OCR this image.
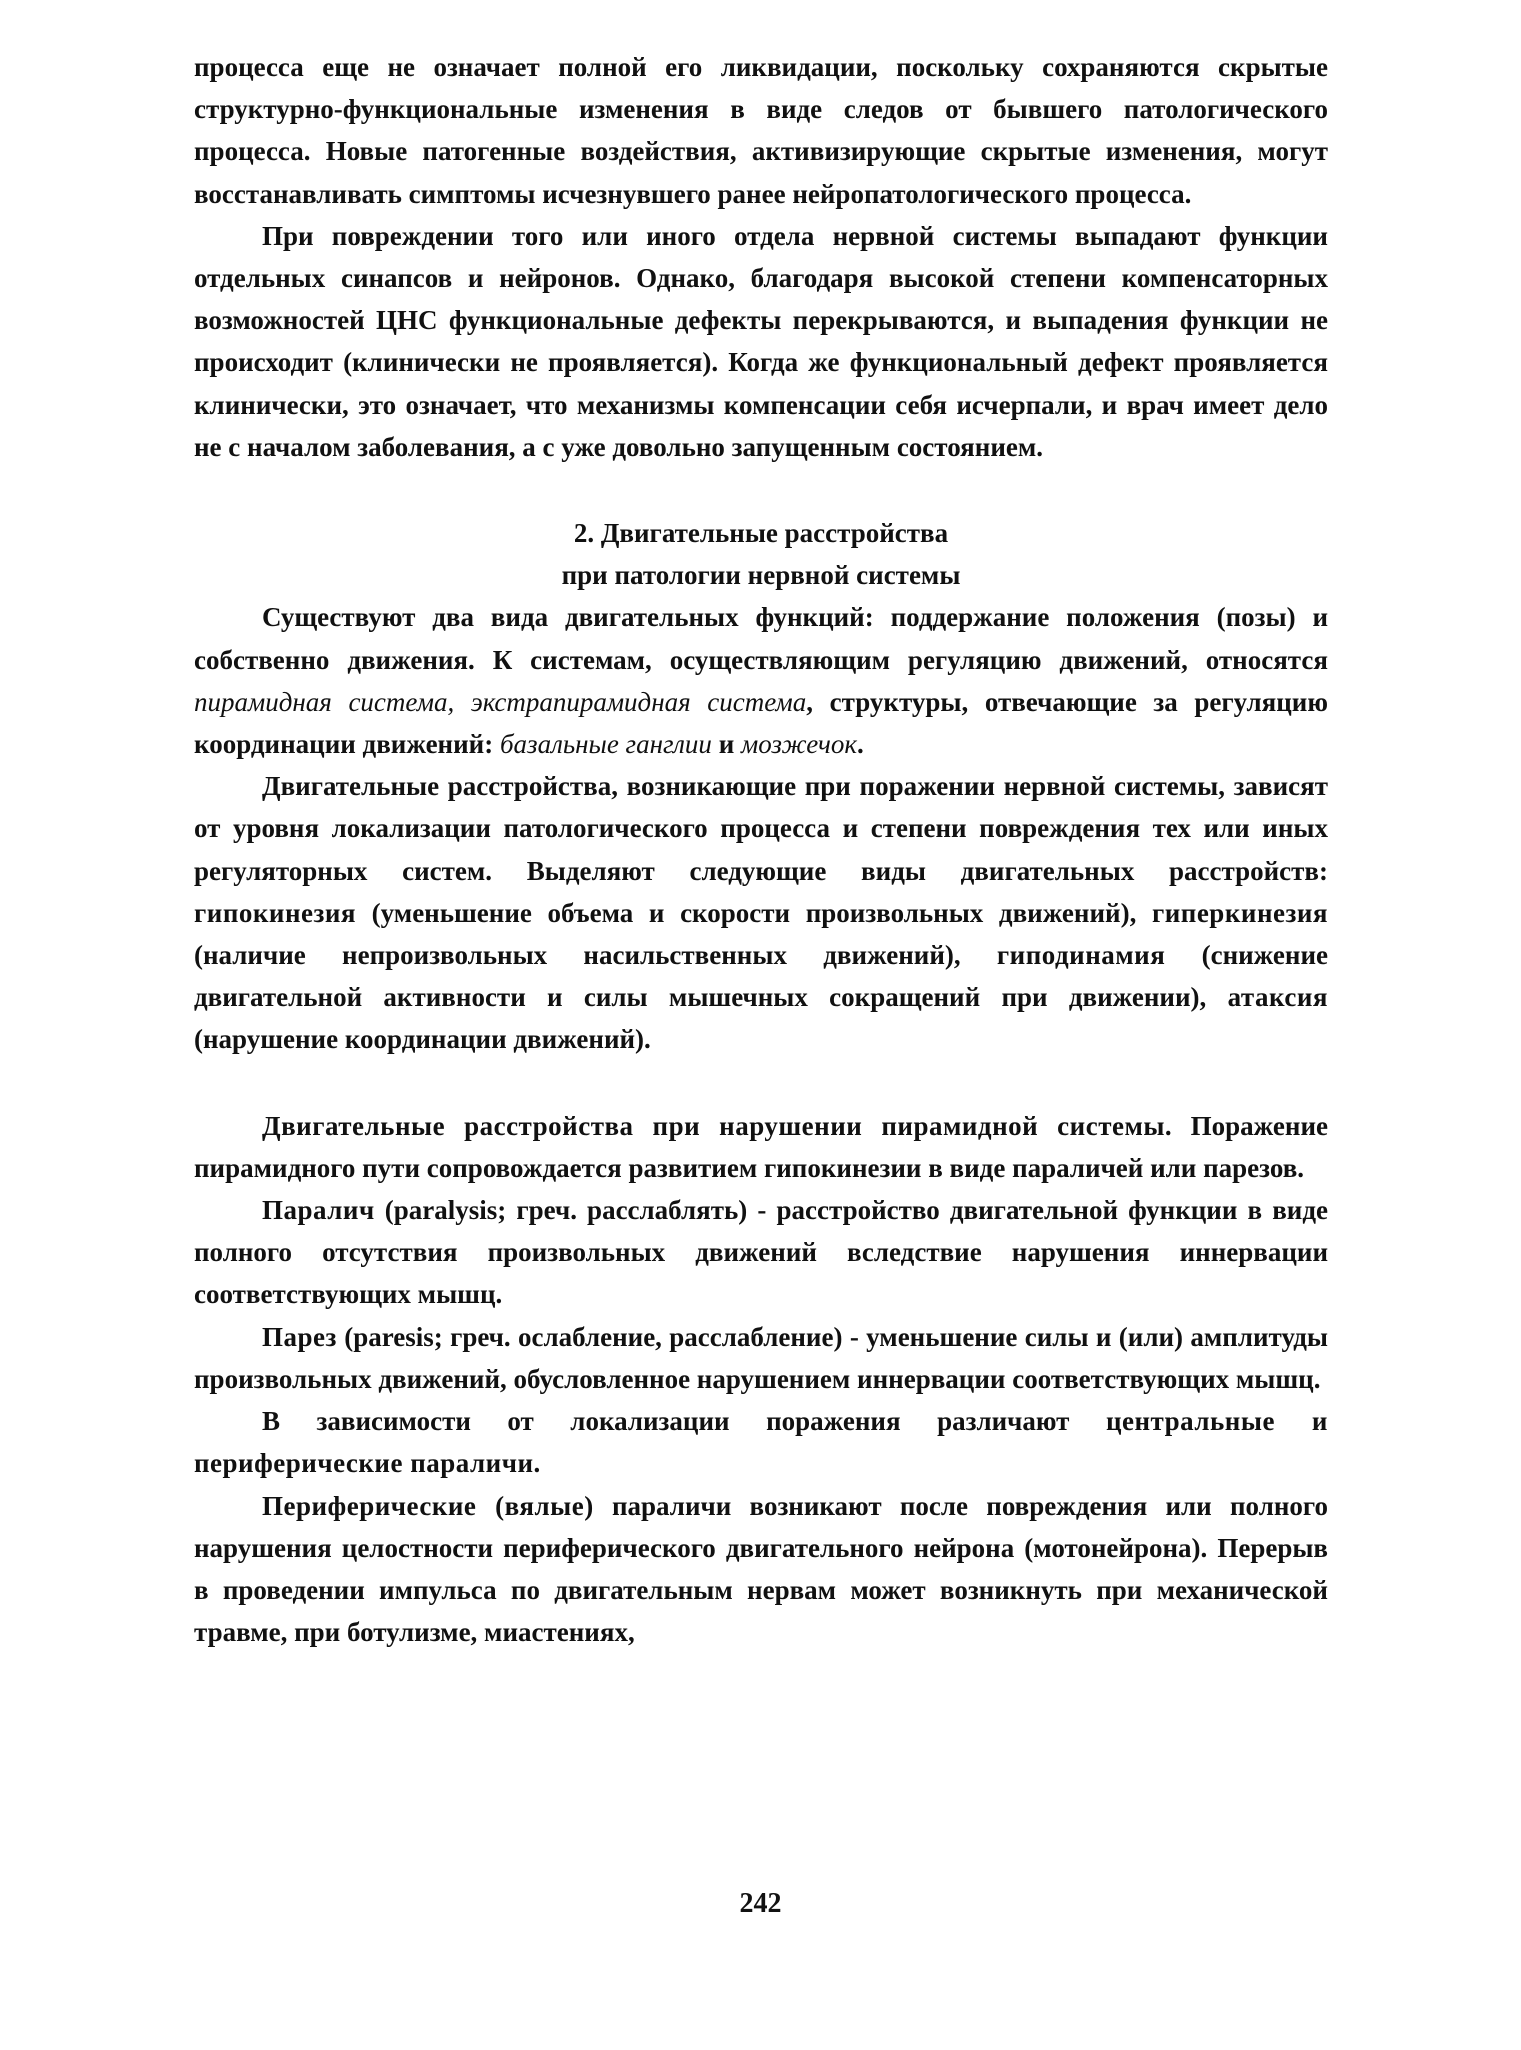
процесса еще не означает полной его ликвидации, поскольку сохраняются скрытые структурно-функциональные изменения в виде следов от бывшего патологического процесса. Новые патогенные воздействия, активизирующие скрытые изменения, могут восстанавливать симптомы исчезнувшего ранее нейропатологического процесса.

При повреждении того или иного отдела нервной системы выпадают функции отдельных синапсов и нейронов. Однако, благодаря высокой степени компенсаторных возможностей ЦНС функциональные дефекты перекрываются, и выпадения функции не происходит (клинически не проявляется). Когда же функциональный дефект проявляется клинически, это означает, что механизмы компенсации себя исчерпали, и врач имеет дело не с началом заболевания, а с уже довольно запущенным состоянием.

2. Двигательные расстройства

при патологии нервной системы

Существуют два вида двигательных функций: поддержание положения (позы) и собственно движения. К системам, осуществляющим регуляцию движений, относятся пирамидная система, экстрапирамидная система, структуры, отвечающие за регуляцию координации движений: базальные ганглии и мозжечок.

Двигательные расстройства, возникающие при поражении нервной системы, зависят от уровня локализации патологического процесса и степени повреждения тех или иных регуляторных систем. Выделяют следующие виды двигательных расстройств: гипокинезия (уменьшение объема и скорости произвольных движений), гиперкинезия (наличие непроизвольных насильственных движений), гиподинамия (снижение двигательной активности и силы мышечных сокращений при движении), атаксия (нарушение координации движений).

Двигательные расстройства при нарушении пирамидной системы. Поражение пирамидного пути сопровождается развитием гипокинезии в виде параличей или парезов.

Паралич (paralysis; греч. расслаблять) - расстройство двигательной функции в виде полного отсутствия произвольных движений вследствие нарушения иннервации соответствующих мышц.

Парез (paresis; греч. ослабление, расслабление) - уменьшение силы и (или) амплитуды произвольных движений, обусловленное нарушением иннервации соответствующих мышц.

В зависимости от локализации поражения различают центральные и периферические параличи.

Периферические (вялые) параличи возникают после повреждения или полного нарушения целостности периферического двигательного нейрона (мотонейрона). Перерыв в проведении импульса по двигательным нервам может возникнуть при механической травме, при ботулизме, миастениях,

242
